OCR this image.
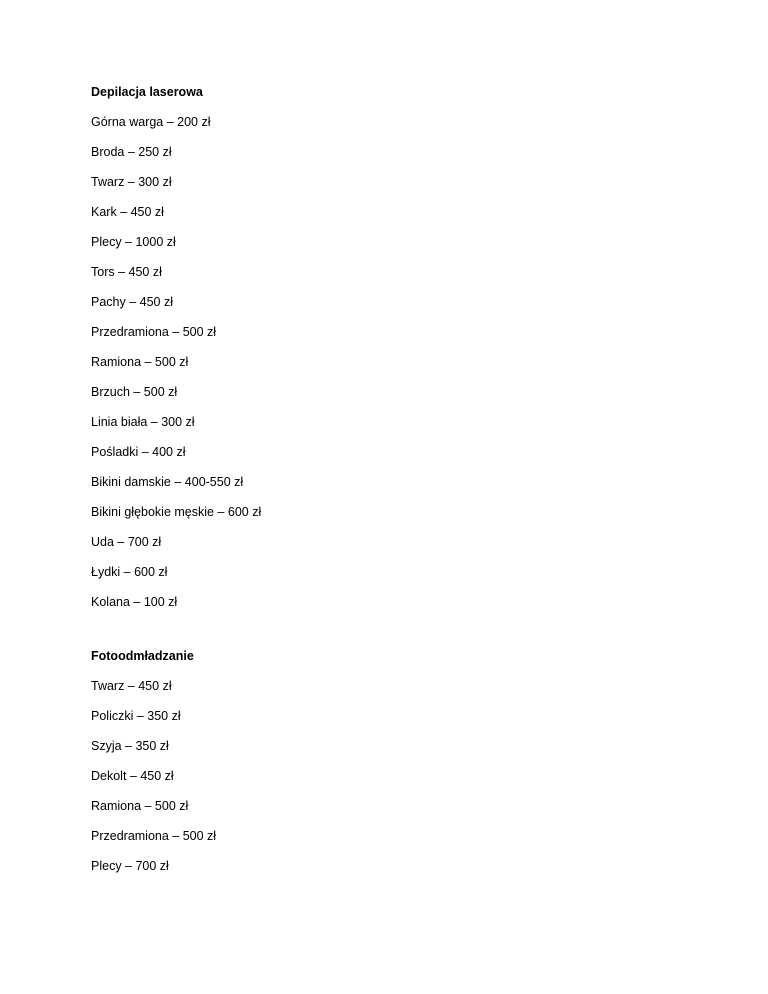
Depilacja laserowa
Górna warga – 200 zł
Broda – 250 zł
Twarz – 300 zł
Kark – 450 zł
Plecy – 1000 zł
Tors – 450 zł
Pachy – 450 zł
Przedramiona – 500 zł
Ramiona – 500 zł
Brzuch – 500 zł
Linia biała – 300 zł
Pośladki – 400 zł
Bikini damskie – 400-550 zł
Bikini głębokie męskie – 600 zł
Uda – 700 zł
Łydki – 600 zł
Kolana – 100 zł
Fotoodmładzanie
Twarz – 450 zł
Policzki – 350 zł
Szyja – 350 zł
Dekolt – 450 zł
Ramiona – 500 zł
Przedramiona – 500 zł
Plecy – 700 zł
